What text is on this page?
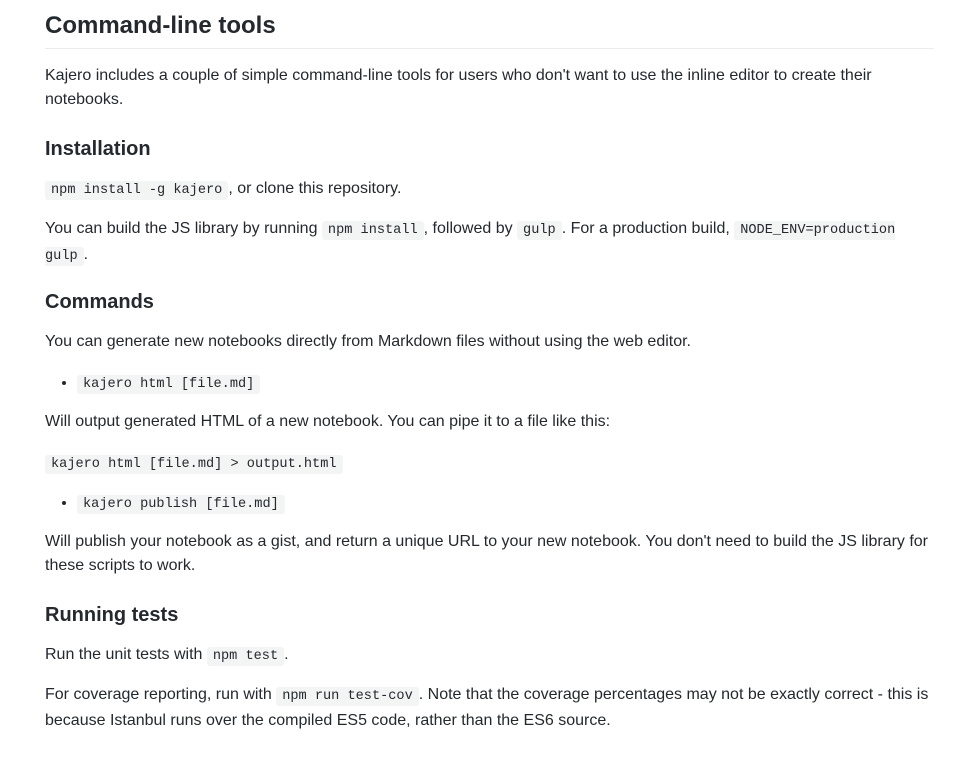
Command-line tools

Kajero includes a couple of simple command-line tools for users who don't want to use the inline editor to create their notebooks.

Installation

npm install -g kajero , or clone this repository.

You can build the JS library by running npm install , followed by gulp . For a production build, NODE_ENV=production gulp .

Commands

You can generate new notebooks directly from Markdown files without using the web editor.

• kajero html [file.md]

Will output generated HTML of a new notebook. You can pipe it to a file like this:

kajero html [file.md] > output.html

• kajero publish [file.md]

Will publish your notebook as a gist, and return a unique URL to your new notebook. You don't need to build the JS library for these scripts to work.

Running tests

Run the unit tests with npm test .

For coverage reporting, run with npm run test-cov . Note that the coverage percentages may not be exactly correct - this is because Istanbul runs over the compiled ES5 code, rather than the ES6 source.
